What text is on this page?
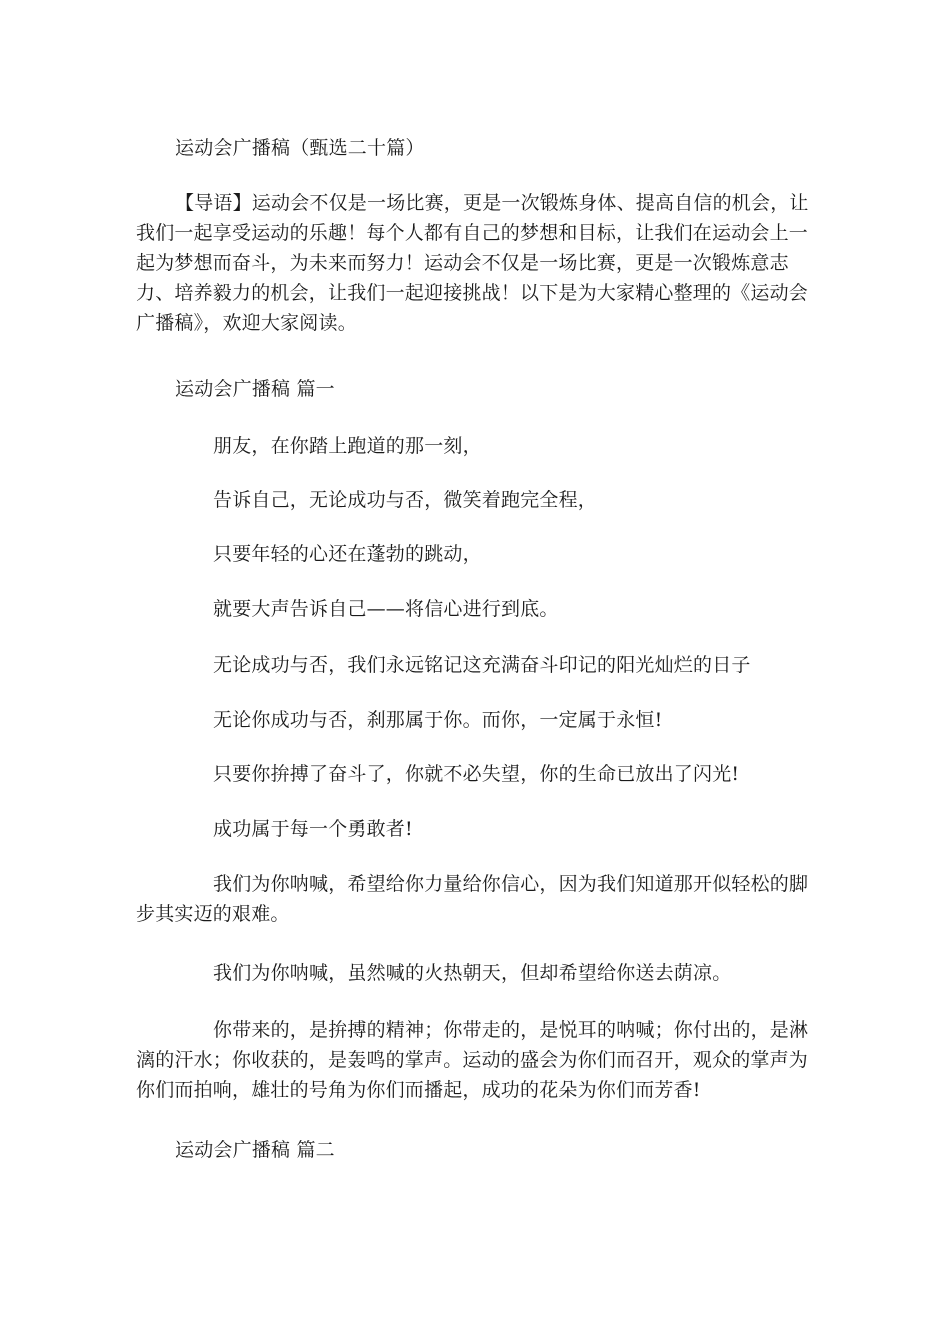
运动会广播稿（甄选二十篇）

【导语】运动会不仅是一场比赛，更是一次锻炼身体、提高自信的机会，让我们一起享受运动的乐趣！每个人都有自己的梦想和目标，让我们在运动会上一起为梦想而奋斗，为未来而努力！运动会不仅是一场比赛，更是一次锻炼意志力、培养毅力的机会，让我们一起迎接挑战！以下是为大家精心整理的《运动会广播稿》，欢迎大家阅读。

运动会广播稿 篇一

朋友，在你踏上跑道的那一刻，

告诉自己，无论成功与否，微笑着跑完全程，

只要年轻的心还在蓬勃的跳动，

就要大声告诉自己——将信心进行到底。

无论成功与否，我们永远铭记这充满奋斗印记的阳光灿烂的日子

无论你成功与否，刹那属于你。而你，一定属于永恒!

只要你拚搏了奋斗了，你就不必失望，你的生命已放出了闪光!

成功属于每一个勇敢者!

我们为你呐喊，希望给你力量给你信心，因为我们知道那开似轻松的脚步其实迈的艰难。

我们为你呐喊，虽然喊的火热朝天，但却希望给你送去荫凉。

你带来的，是拚搏的精神；你带走的，是悦耳的呐喊；你付出的，是淋漓的汗水；你收获的，是轰鸣的掌声。运动的盛会为你们而召开，观众的掌声为你们而拍响，雄壮的号角为你们而播起，成功的花朵为你们而芳香!

运动会广播稿 篇二
